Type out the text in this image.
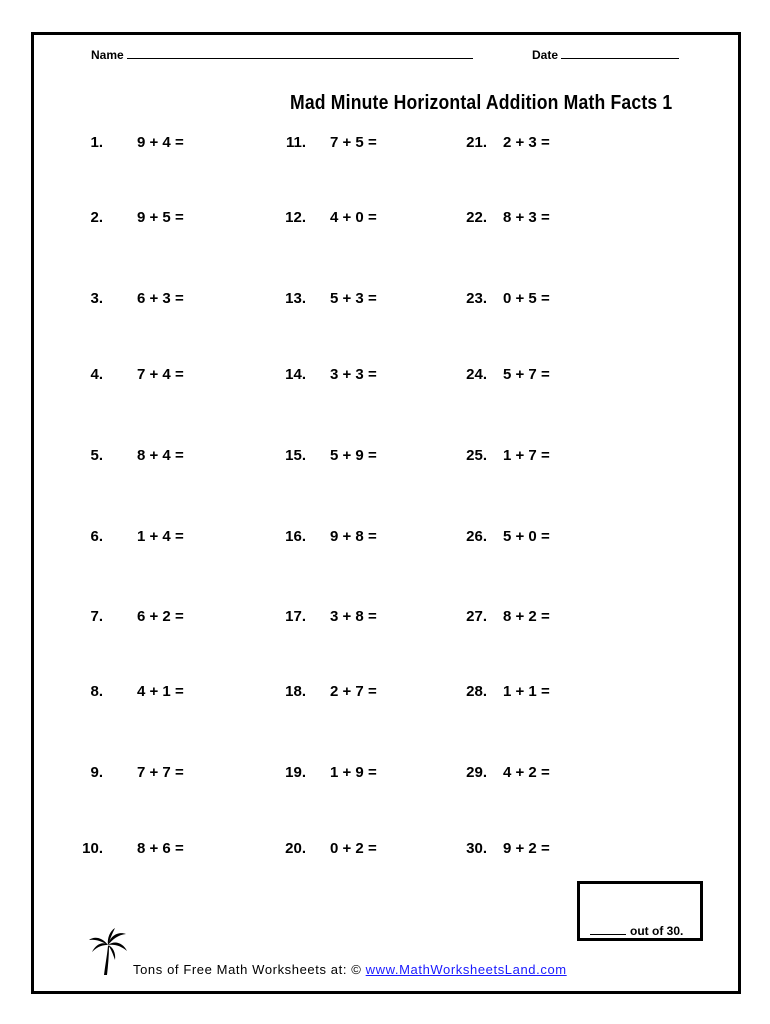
Name	Date
Mad Minute Horizontal Addition Math Facts 1
1. 9 + 4 =
2. 9 + 5 =
3. 6 + 3 =
4. 7 + 4 =
5. 8 + 4 =
6. 1 + 4 =
7. 6 + 2 =
8. 4 + 1 =
9. 7 + 7 =
10. 8 + 6 =
11. 7 + 5 =
12. 4 + 0 =
13. 5 + 3 =
14. 3 + 3 =
15. 5 + 9 =
16. 9 + 8 =
17. 3 + 8 =
18. 2 + 7 =
19. 1 + 9 =
20. 0 + 2 =
21. 2 + 3 =
22. 8 + 3 =
23. 0 + 5 =
24. 5 + 7 =
25. 1 + 7 =
26. 5 + 0 =
27. 8 + 2 =
28. 1 + 1 =
29. 4 + 2 =
30. 9 + 2 =
out of 30.
Tons of Free Math Worksheets at: © www.MathWorksheetsLand.com
